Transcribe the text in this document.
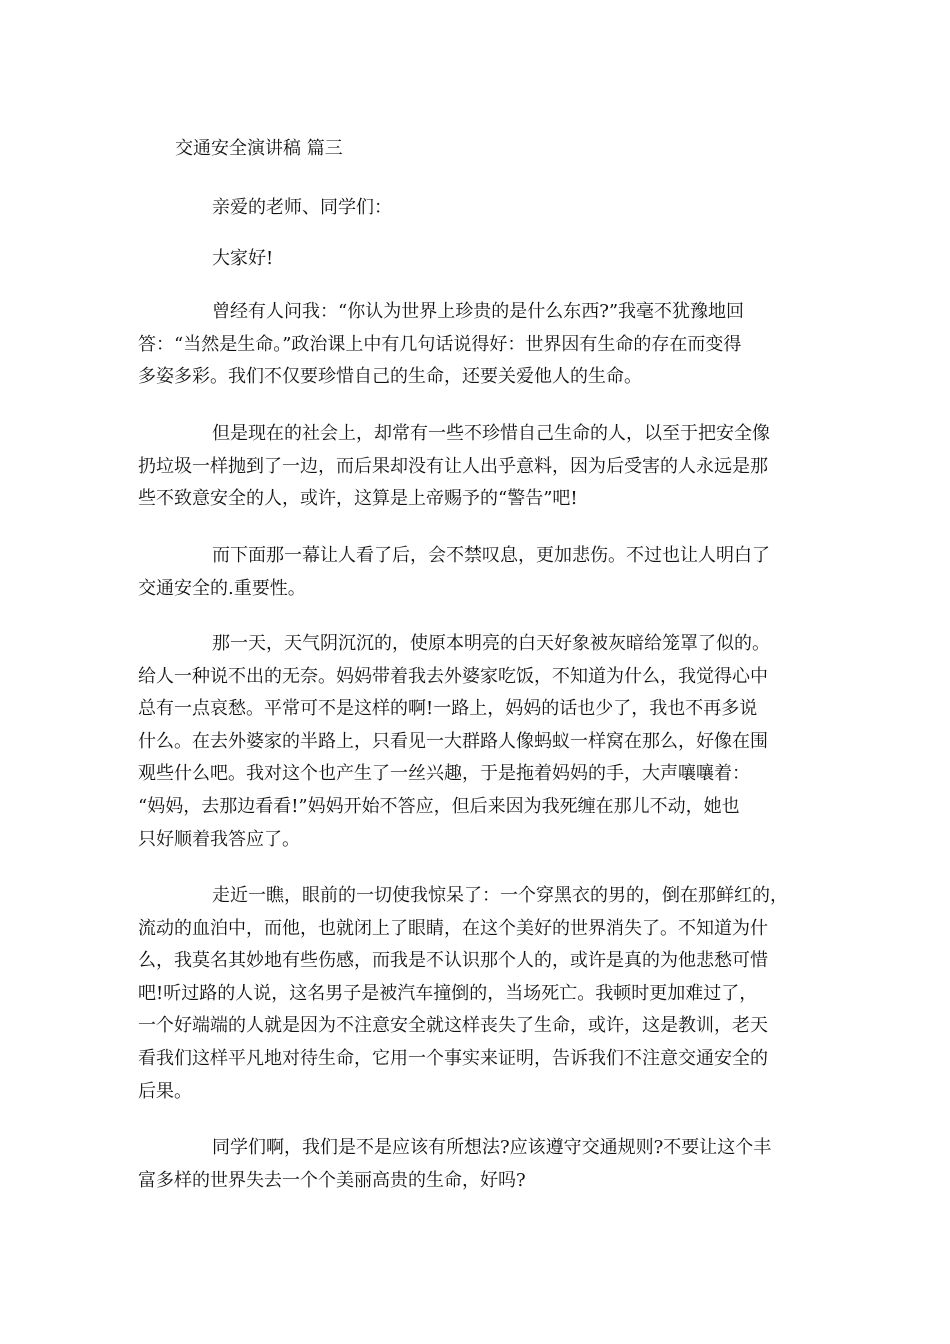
交通安全演讲稿 篇三

亲爱的老师、同学们：

大家好!

曾经有人问我：“你认为世界上珍贵的是什么东西?”我毫不犹豫地回
答：“当然是生命。”政治课上中有几句话说得好：世界因有生命的存在而变得
多姿多彩。我们不仅要珍惜自己的生命，还要关爱他人的生命。

但是现在的社会上，却常有一些不珍惜自己生命的人，以至于把安全像
扔垃圾一样抛到了一边，而后果却没有让人出乎意料，因为后受害的人永远是那
些不致意安全的人，或许，这算是上帝赐予的“警告”吧!

而下面那一幕让人看了后，会不禁叹息，更加悲伤。不过也让人明白了
交通安全的.重要性。

那一天，天气阴沉沉的，使原本明亮的白天好象被灰暗给笼罩了似的。
给人一种说不出的无奈。妈妈带着我去外婆家吃饭，不知道为什么，我觉得心中
总有一点哀愁。平常可不是这样的啊!一路上，妈妈的话也少了，我也不再多说
什么。在去外婆家的半路上，只看见一大群路人像蚂蚁一样窝在那么，好像在围
观些什么吧。我对这个也产生了一丝兴趣，于是拖着妈妈的手，大声嚷嚷着：
“妈妈，去那边看看!”妈妈开始不答应，但后来因为我死缠在那儿不动，她也
只好顺着我答应了。

走近一瞧，眼前的一切使我惊呆了：一个穿黑衣的男的，倒在那鲜红的，
流动的血泊中，而他，也就闭上了眼睛，在这个美好的世界消失了。不知道为什
么，我莫名其妙地有些伤感，而我是不认识那个人的，或许是真的为他悲愁可惜
吧!听过路的人说，这名男子是被汽车撞倒的，当场死亡。我顿时更加难过了，
一个好端端的人就是因为不注意安全就这样丧失了生命，或许，这是教训，老天
看我们这样平凡地对待生命，它用一个事实来证明，告诉我们不注意交通安全的
后果。

同学们啊，我们是不是应该有所想法?应该遵守交通规则?不要让这个丰
富多样的世界失去一个个美丽高贵的生命，好吗?
